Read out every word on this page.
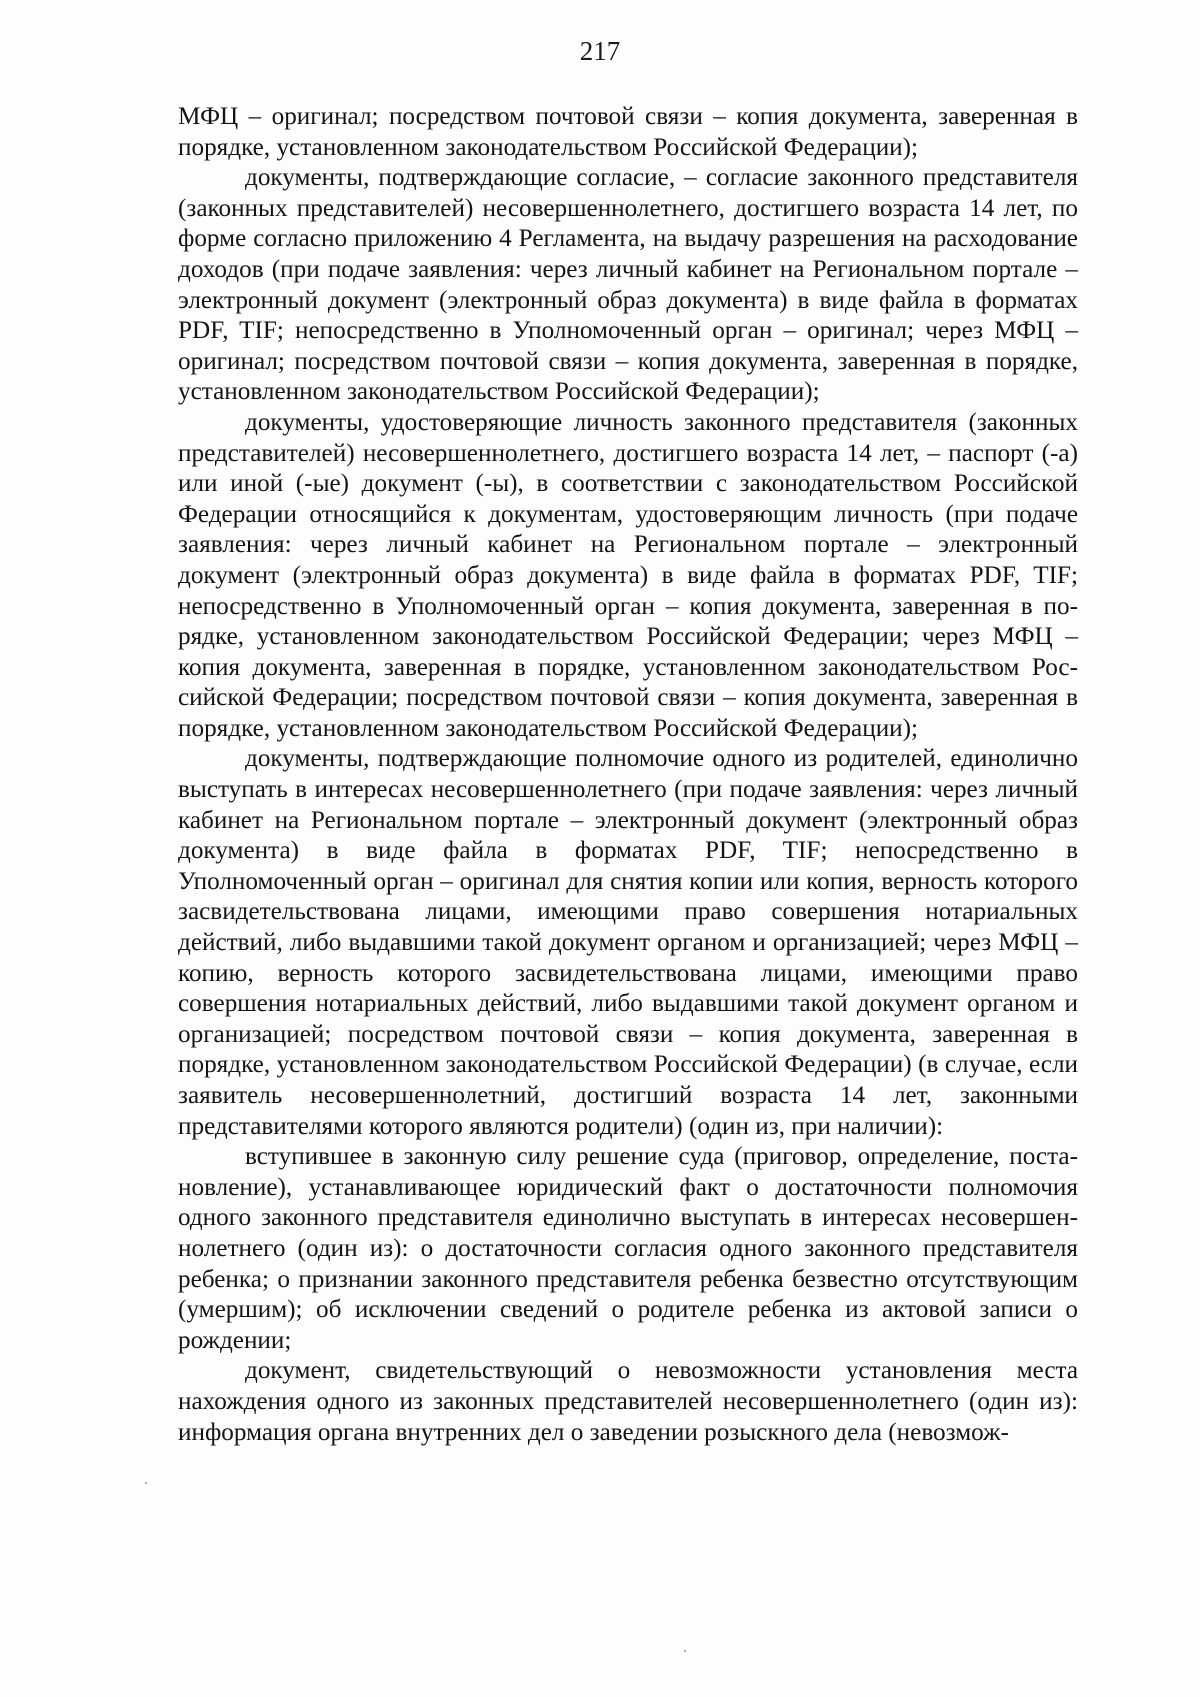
217

МФЦ – оригинал; посредством почтовой связи – копия документа, заверенная в порядке, установленном законодательством Российской Федерации);

документы, подтверждающие согласие, – согласие законного представителя (законных представителей) несовершеннолетнего, достигшего возраста 14 лет, по форме согласно приложению 4 Регламента, на выдачу разрешения на расходование доходов (при подаче заявления: через личный кабинет на Региональном портале – электронный документ (электронный образ документа) в виде файла в форматах PDF, TIF; непосредственно в Уполномоченный орган – оригинал; через МФЦ – оригинал; посредством почтовой связи – копия документа, заверенная в порядке, установленном законодательством Российской Федерации);

документы, удостоверяющие личность законного представителя (законных представителей) несовершеннолетнего, достигшего возраста 14 лет, – паспорт (-а) или иной (-ые) документ (-ы), в соответствии с законодательством Российской Федерации относящийся к документам, удостоверяющим личность (при подаче заявления: через личный кабинет на Региональном портале – электронный документ (электронный образ документа) в виде файла в форматах PDF, TIF; непосредственно в Уполномоченный орган – копия документа, заверенная в порядке, установленном законодательством Российской Федерации; через МФЦ – копия документа, заверенная в порядке, установленном законодательством Российской Федерации; посредством почтовой связи – копия документа, заверенная в порядке, установленном законодательством Российской Федерации);

документы, подтверждающие полномочие одного из родителей, единолично выступать в интересах несовершеннолетнего (при подаче заявления: через личный кабинет на Региональном портале – электронный документ (электронный образ документа) в виде файла в форматах PDF, TIF; непосредственно в Уполномоченный орган – оригинал для снятия копии или копия, верность которого засвидетельствована лицами, имеющими право совершения нотариальных действий, либо выдавшими такой документ органом и организацией; через МФЦ – копию, верность которого засвидетельствована лицами, имеющими право совершения нотариальных действий, либо выдавшими такой документ органом и организацией; посредством почтовой связи – копия документа, заверенная в порядке, установленном законодательством Российской Федерации) (в случае, если заявитель несовершеннолетний, достигший возраста 14 лет, законными представителями которого являются родители) (один из, при наличии):

вступившее в законную силу решение суда (приговор, определение, постановление), устанавливающее юридический факт о достаточности полномочия одного законного представителя единолично выступать в интересах несовершеннолетнего (один из): о достаточности согласия одного законного представителя ребенка; о признании законного представителя ребенка безвестно отсутствующим (умершим); об исключении сведений о родителе ребенка из актовой записи о рождении;

документ, свидетельствующий о невозможности установления места нахождения одного из законных представителей несовершеннолетнего (один из): информация органа внутренних дел о заведении розыскного дела (невозмож-
